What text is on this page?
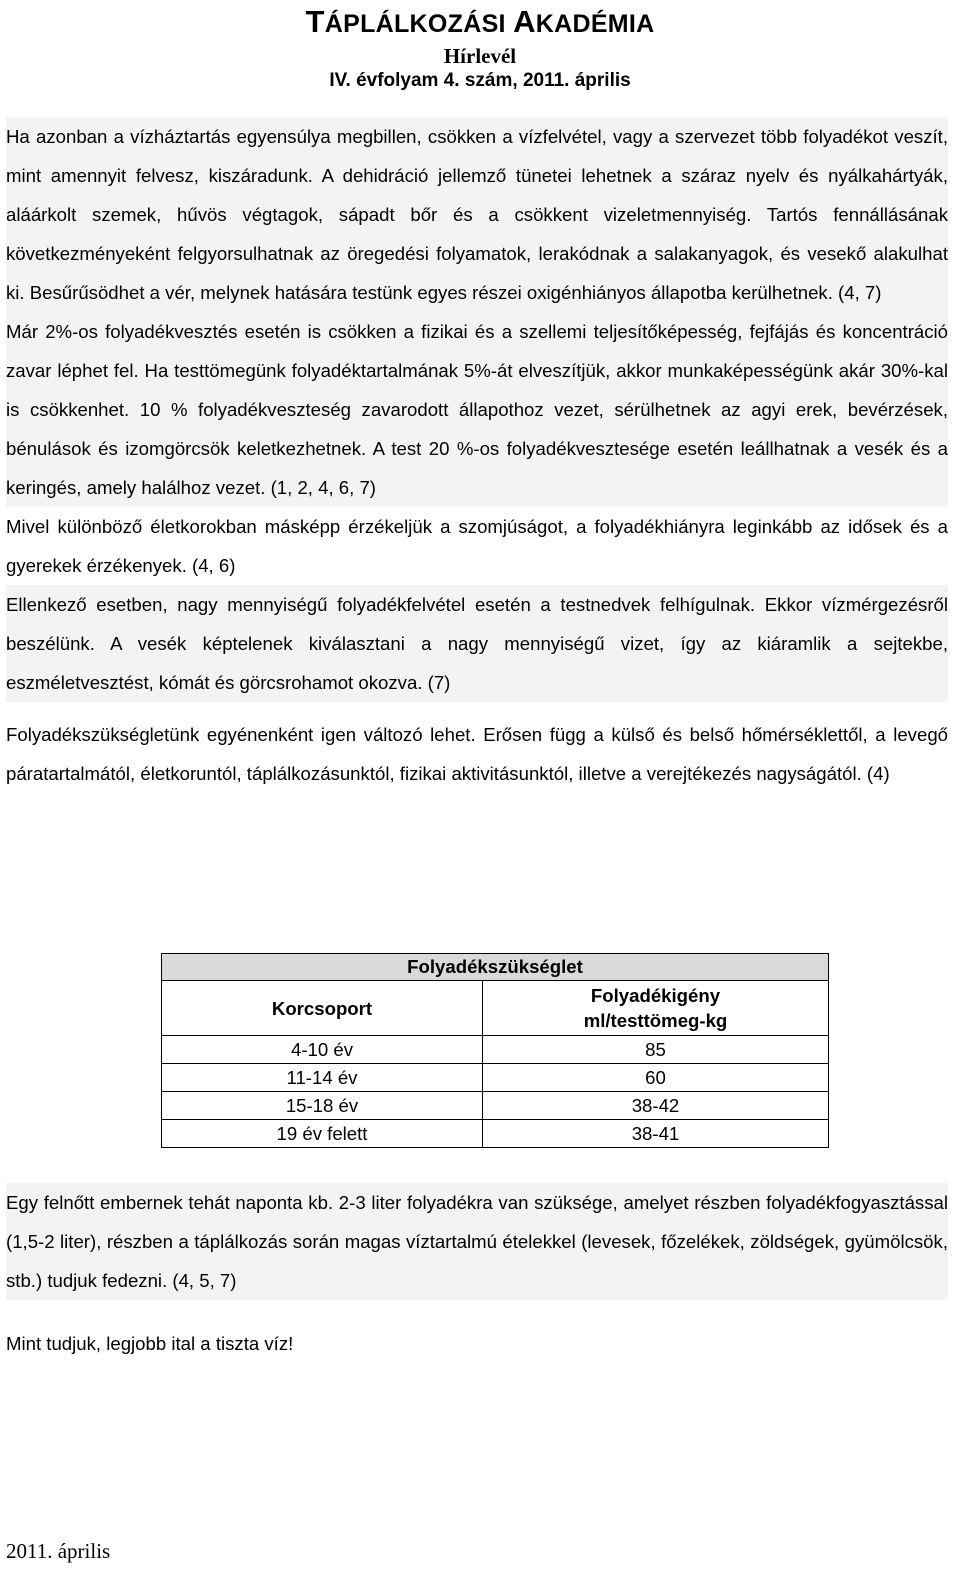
TÁPLÁLKOZÁSI AKADÉMIA
Hírlevél
IV. évfolyam 4. szám, 2011. április

Ha azonban a vízháztartás egyensúlya megbillen, csökken a vízfelvétel, vagy a szervezet több folyadékot veszít, mint amennyit felvesz, kiszáradunk. A dehidráció jellemző tünetei lehetnek a száraz nyelv és nyálkahártyák, aláárkolt szemek, hűvös végtagok, sápadt bőr és a csökkent vizeletmennyiség. Tartós fennállásának következményeként felgyorsulhatnak az öregedési folyamatok, lerakódnak a salakanyagok, és vesekő alakulhat ki. Besűrűsödhet a vér, melynek hatására testünk egyes részei oxigénhiányos állapotba kerülhetnek. (4, 7)

Már 2%-os folyadékvesztés esetén is csökken a fizikai és a szellemi teljesítőképesség, fejfájás és koncentráció zavar léphet fel. Ha testtömegünk folyadéktartalmának 5%-át elveszítjük, akkor munkaképességünk akár 30%-kal is csökkenhet. 10 % folyadékveszteség zavarodott állapothoz vezet, sérülhetnek az agyi erek, bevérzések, bénulások és izomgörcsök keletkezhetnek. A test 20 %-os folyadékvesztesége esetén leállhatnak a vesék és a keringés, amely halálhoz vezet. (1, 2, 4, 6, 7)

Mivel különböző életkorokban másképp érzékeljük a szomjúságot, a folyadékhiányra leginkább az idősek és a gyerekek érzékenyek. (4, 6)

Ellenkező esetben, nagy mennyiségű folyadékfelvétel esetén a testnedvek felhígulnak. Ekkor vízmérgezésről beszélünk. A vesék képtelenek kiválasztani a nagy mennyiségű vizet, így az kiáramlik a sejtekbe, eszméletvesztést, kómát és görcsrohamot okozva. (7)

Folyadékszükségletünk egyénenként igen változó lehet. Erősen függ a külső és belső hőmérséklettől, a levegő páratartalmától, életkoruntól, táplálkozásunktól, fizikai aktivitásunktól, illetve a verejtékezés nagyságától. (4)

Folyadékszükséglet	
Korcsoport	Folyadékigény
ml/testtömeg-kg
4-10 év	85
11-14 év	60
15-18 év	38-42
19 év felett	38-41

Egy felnőtt embernek tehát naponta kb. 2-3 liter folyadékra van szüksége, amelyet részben folyadékfogyasztással (1,5-2 liter), részben a táplálkozás során magas víztartalmú ételekkel (levesek, főzelékek, zöldségek, gyümölcsök, stb.) tudjuk fedezni. (4, 5, 7)

Mint tudjuk, legjobb ital a tiszta víz!

2011. április
